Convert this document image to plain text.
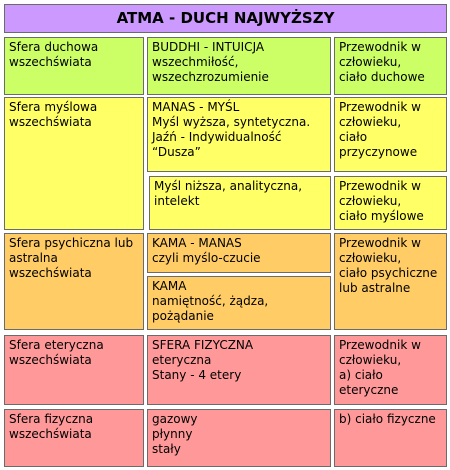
ATMA - DUCH NAJWYŻSZY
Sfera duchowa
wszechświata
BUDDHI - INTUICJA
wszechmiłość,
wszechzrozumienie
Przewodnik w
człowieku,
ciało duchowe
Sfera myślowa
wszechświata
MANAS - MYŚL
Myśl wyższa, syntetyczna.
Jaźń - Indywidualność
“Dusza”
Przewodnik w
człowieku,
ciało
przyczynowe
Myśl niższa, analityczna,
intelekt
Przewodnik w
człowieku,
ciało myślowe
Sfera psychiczna lub
astralna
wszechświata
KAMA - MANAS
czyli myślo-czucie
KAMA
namiętność, żądza,
pożądanie
Przewodnik w
człowieku,
ciało psychiczne
lub astralne
Sfera eteryczna
wszechświata
SFERA FIZYCZNA
eteryczna
Stany - 4 etery
Przewodnik w
człowieku,
a) ciało
eteryczne
Sfera fizyczna
wszechświata
gazowy
płynny
stały
b) ciało fizyczne
